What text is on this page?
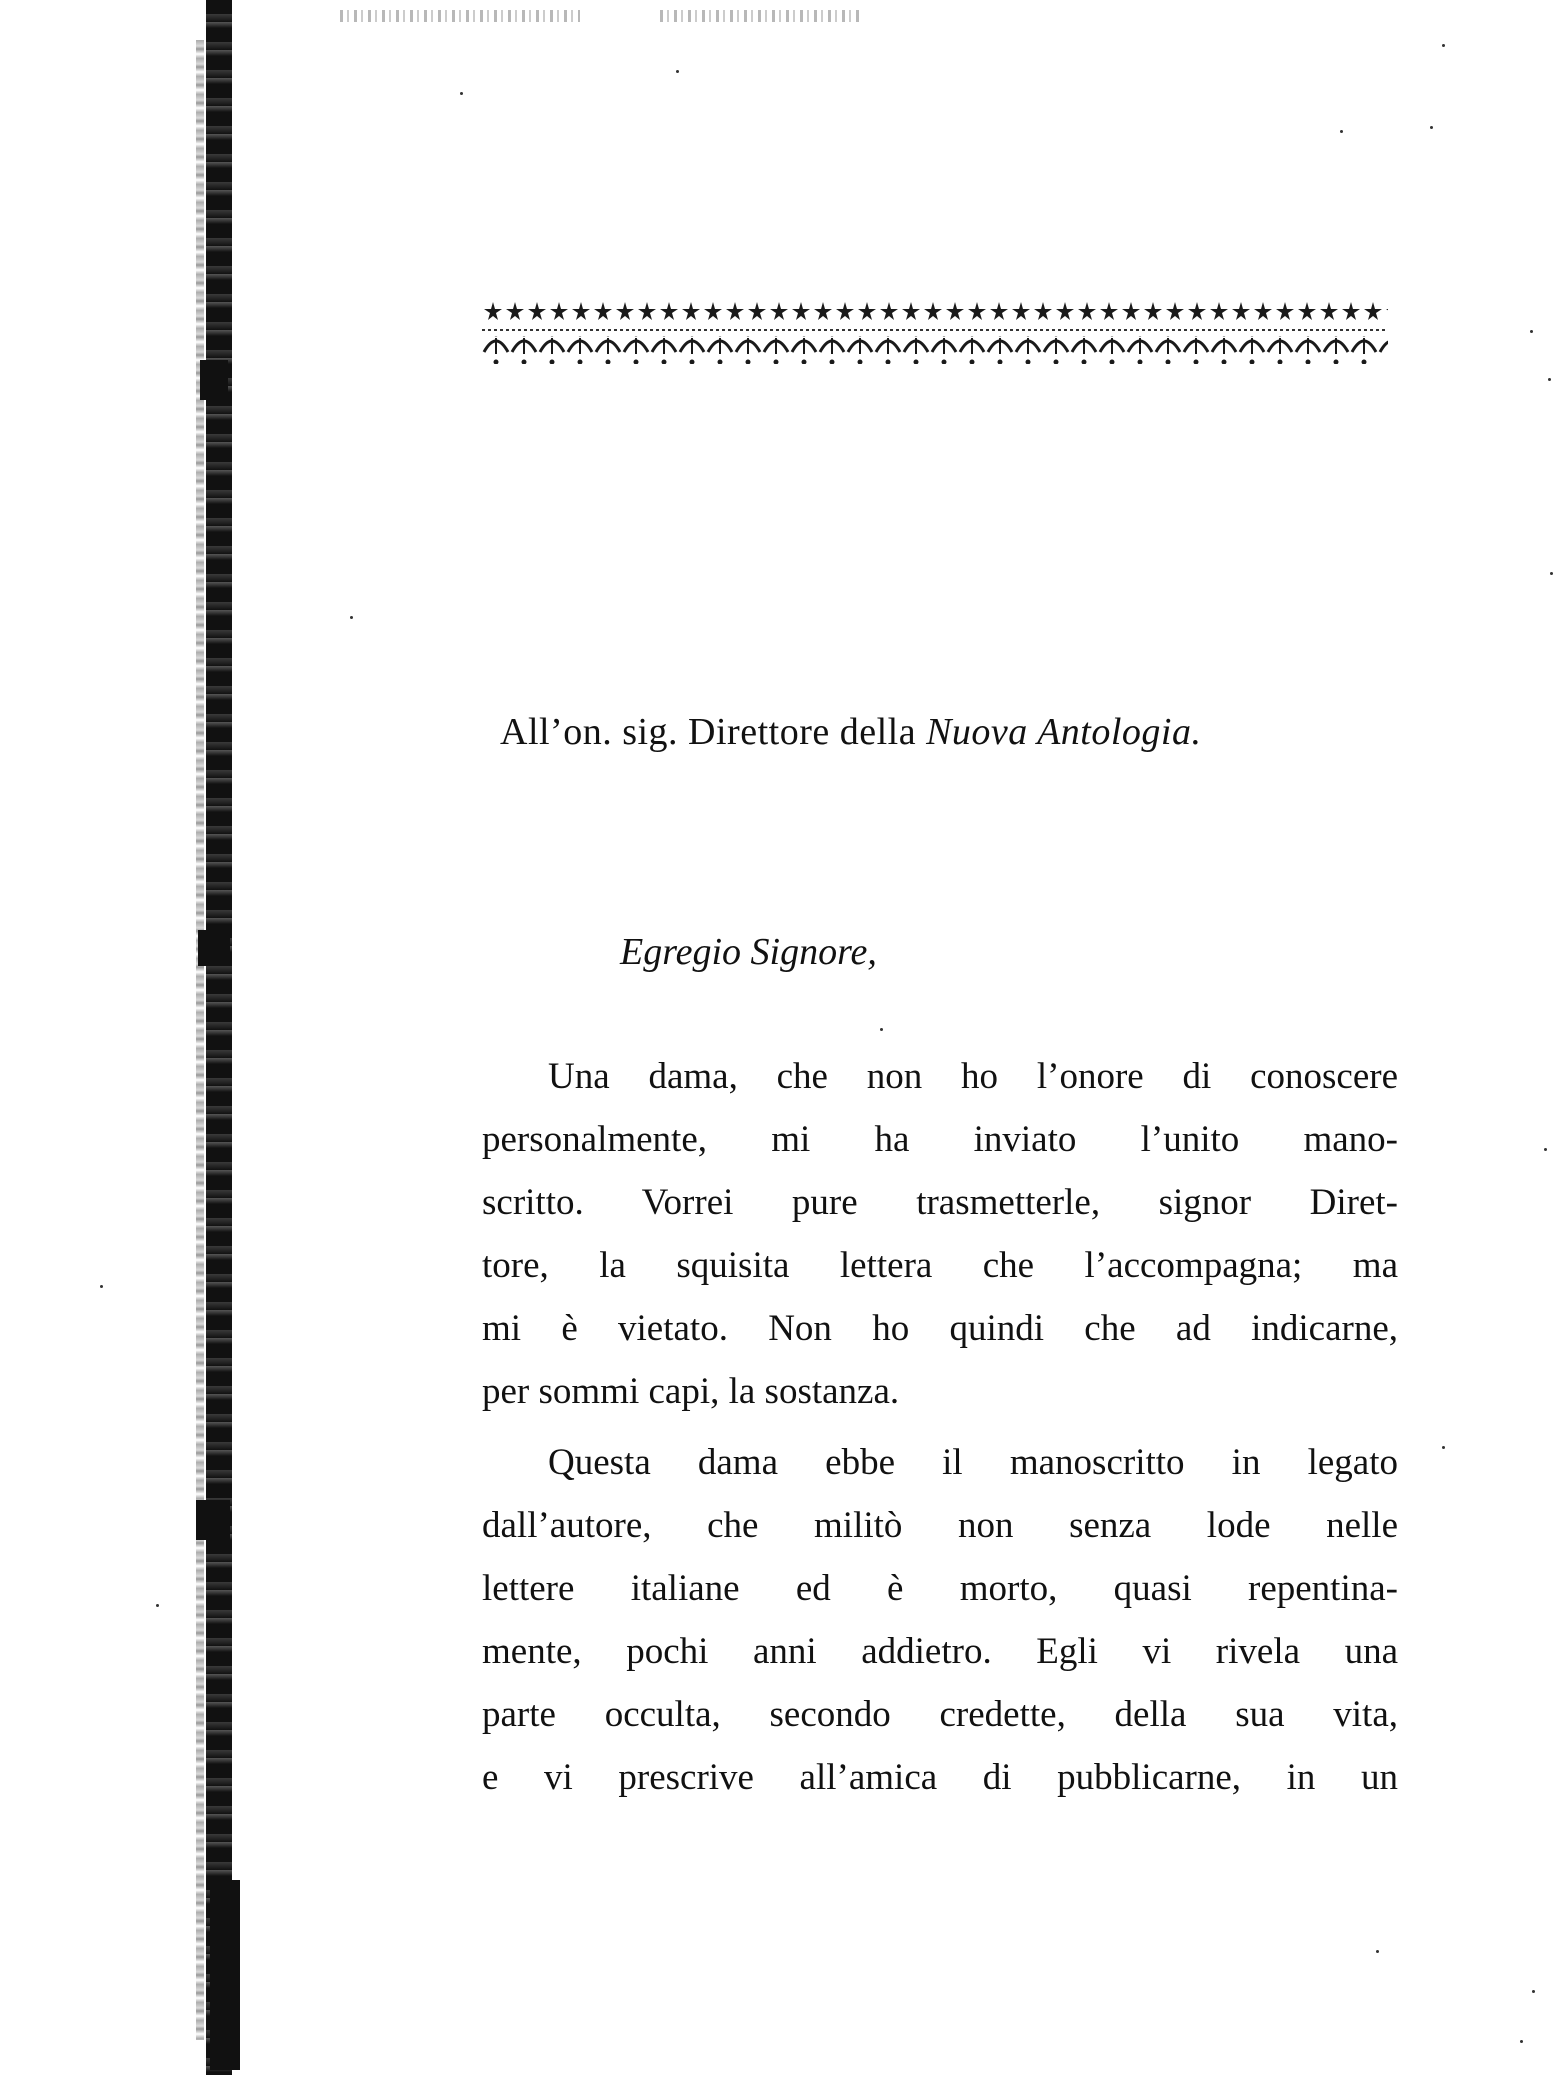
All’on. sig. Direttore della Nuova Antologia.
Egregio Signore,

Una dama, che non ho l’onore di conoscere
personalmente, mi ha inviato l’unito mano-
scritto. Vorrei pure trasmetterle, signor Diret-
tore, la squisita lettera che l’accompagna; ma
mi è vietato. Non ho quindi che ad indicarne,
per sommi capi, la sostanza.

Questa dama ebbe il manoscritto in legato
dall’autore, che militò non senza lode nelle
lettere italiane ed è morto, quasi repentina-
mente, pochi anni addietro. Egli vi rivela una
parte occulta, secondo credette, della sua vita,
e vi prescrive all’amica di pubblicarne, in un
